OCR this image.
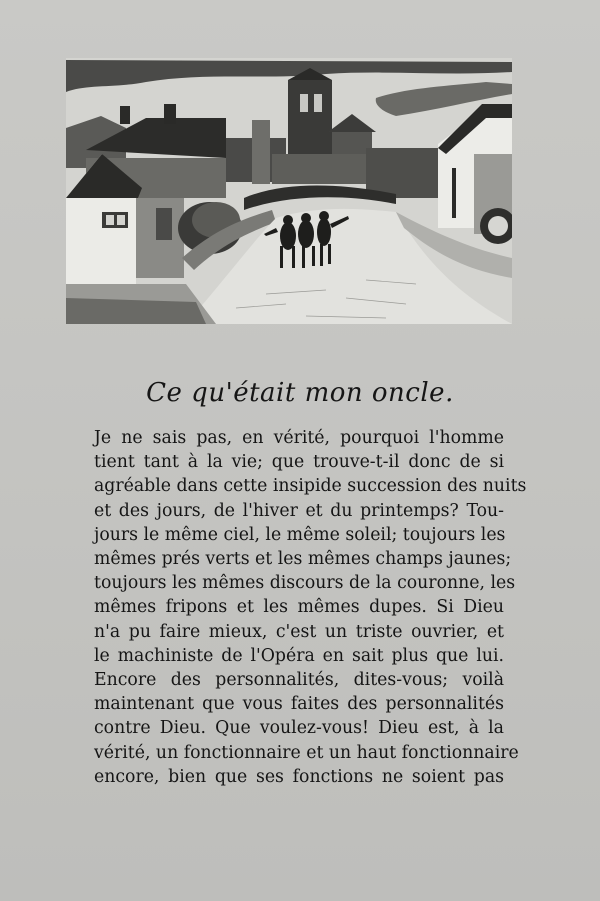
Ce qu'était mon oncle.
Je ne sais pas, en vérité, pourquoi l'homme
tient tant à la vie; que trouve-t-il donc de si
agréable dans cette insipide succession des nuits
et des jours, de l'hiver et du printemps? Tou-
jours le même ciel, le même soleil; toujours les
mêmes prés verts et les mêmes champs jaunes;
toujours les mêmes discours de la couronne, les
mêmes fripons et les mêmes dupes. Si Dieu
n'a pu faire mieux, c'est un triste ouvrier, et
le machiniste de l'Opéra en sait plus que lui.
Encore des personnalités, dites-vous; voilà
maintenant que vous faites des personnalités
contre Dieu. Que voulez-vous! Dieu est, à la
vérité, un fonctionnaire et un haut fonctionnaire
encore, bien que ses fonctions ne soient pas
